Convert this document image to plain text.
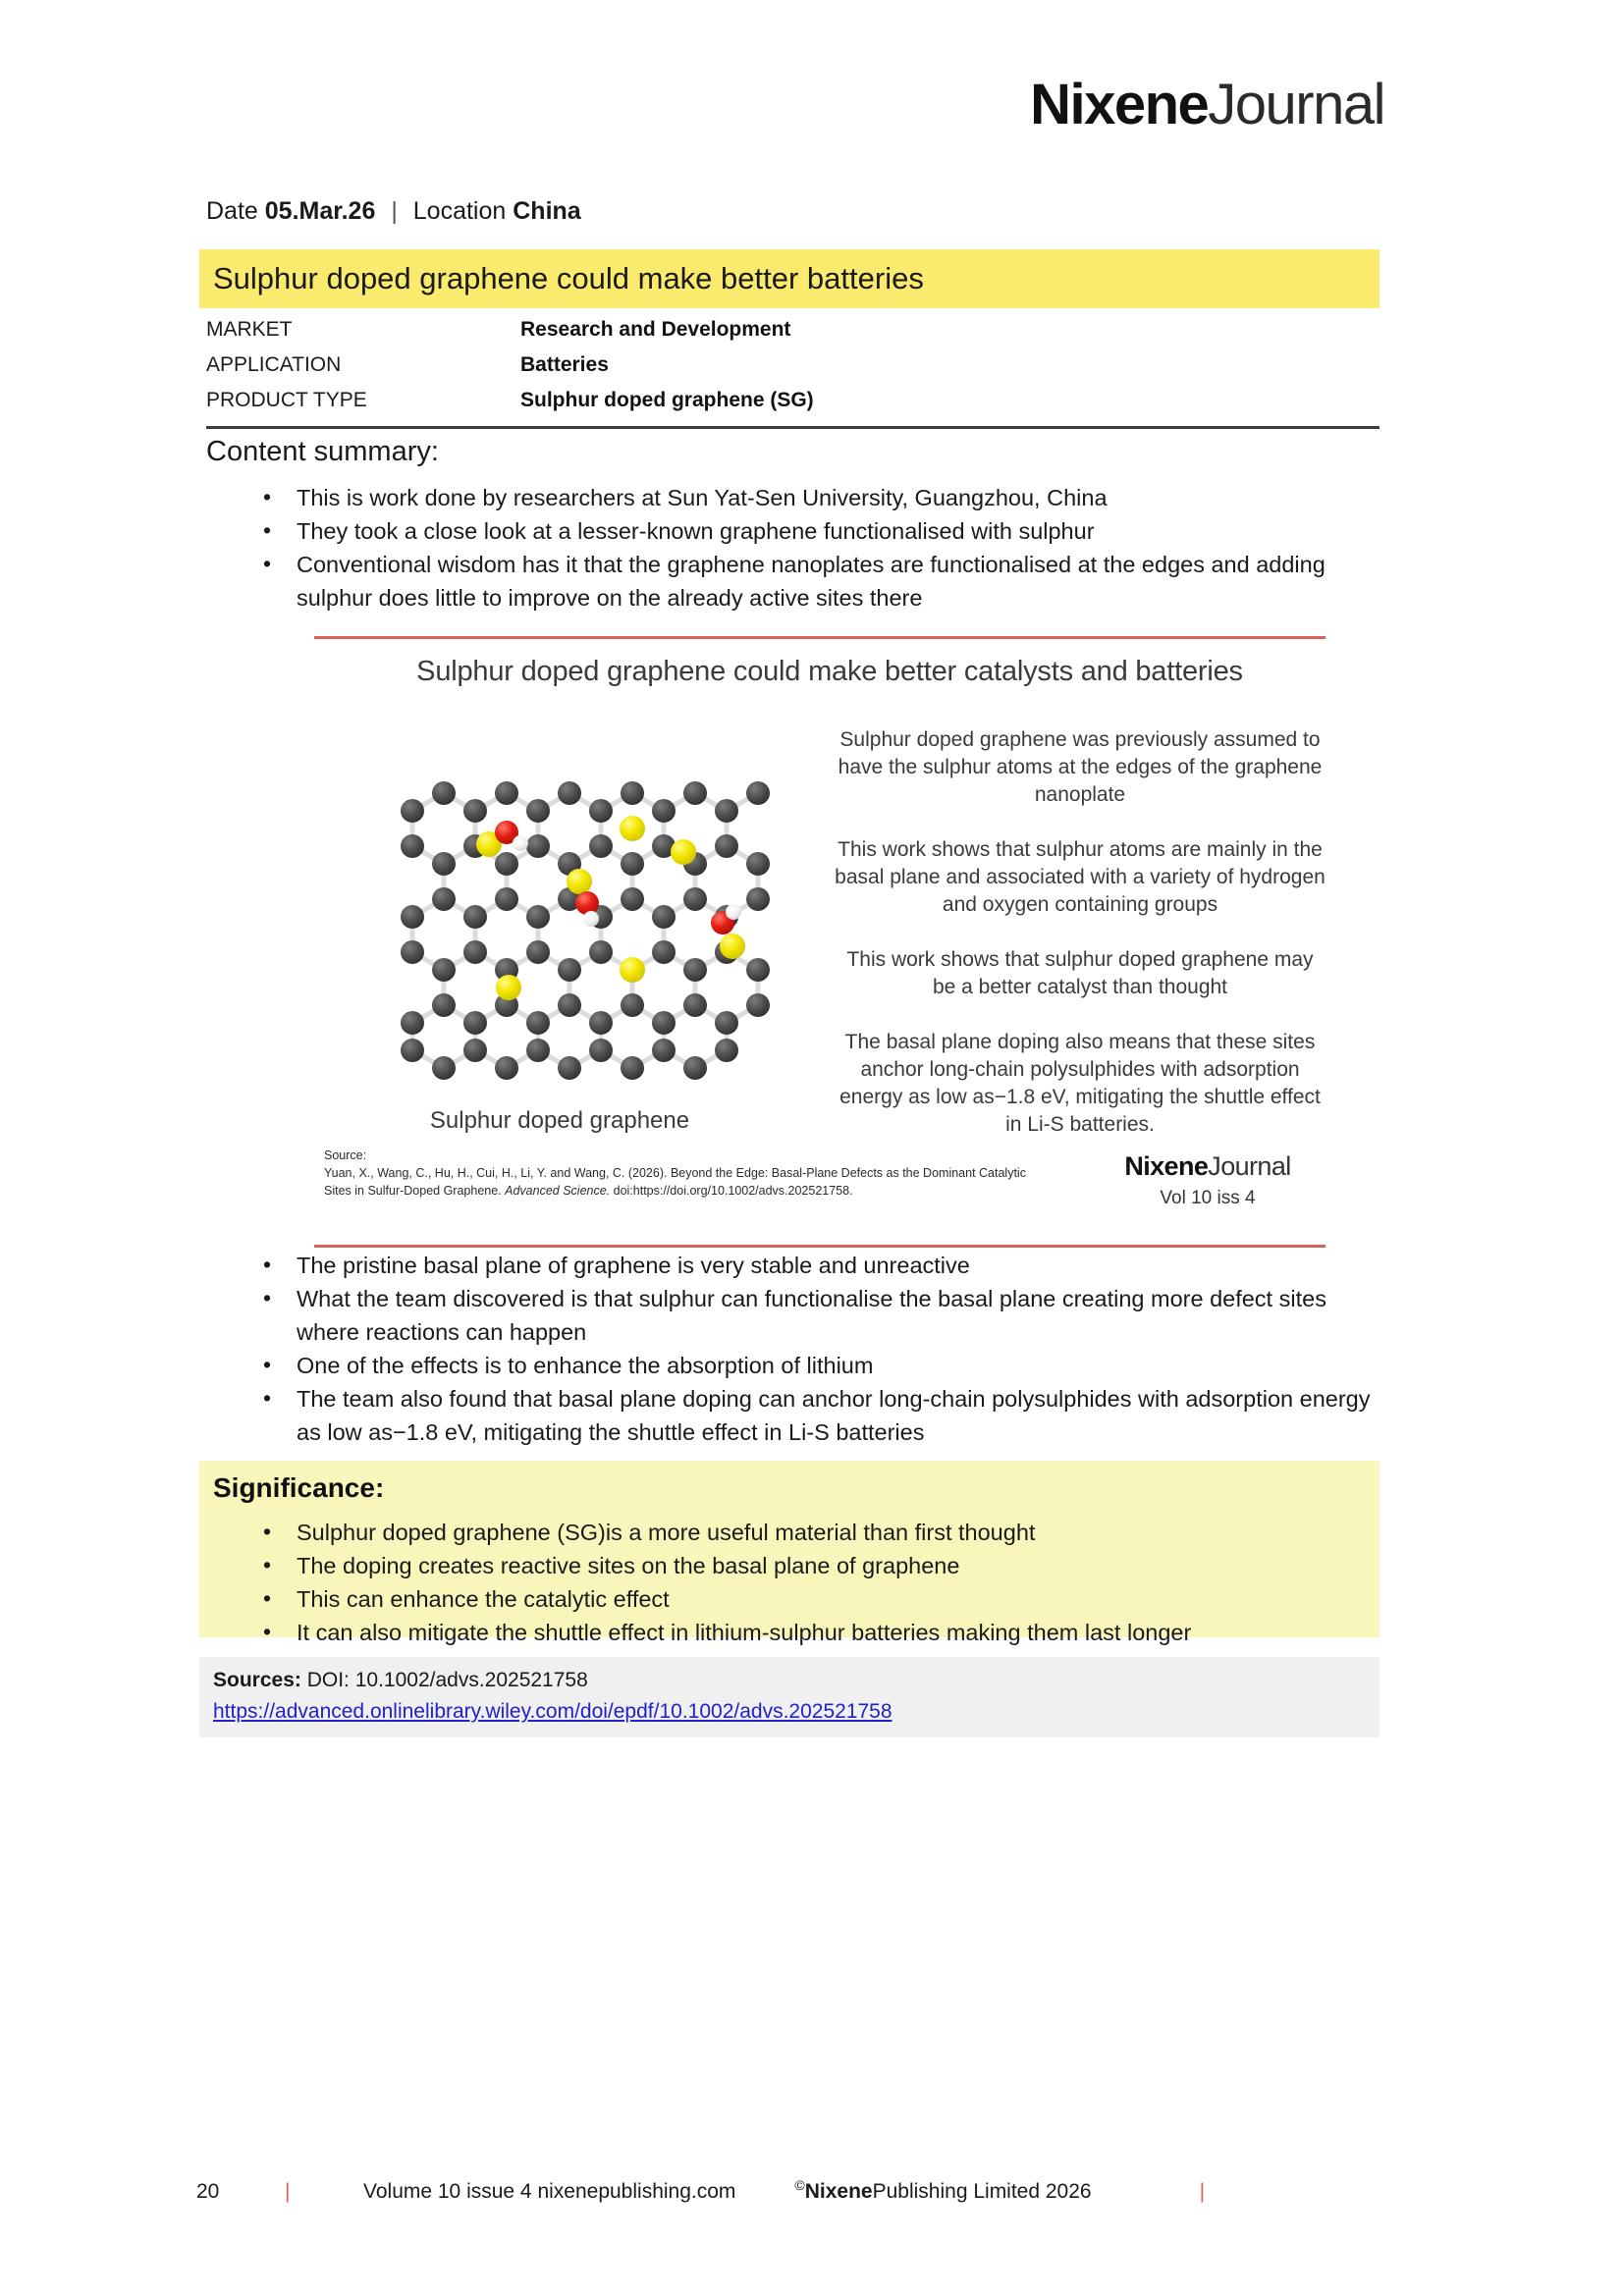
NixeneJournal
Date 05.Mar.26 | Location China
Sulphur doped graphene could make better batteries
MARKET	Research and Development
APPLICATION	Batteries
PRODUCT TYPE	Sulphur doped graphene (SG)
Content summary:
• This is work done by researchers at Sun Yat-Sen University, Guangzhou, China
• They took a close look at a lesser-known graphene functionalised with sulphur
• Conventional wisdom has it that the graphene nanoplates are functionalised at the edges and adding sulphur does little to improve on the already active sites there
Sulphur doped graphene could make better catalysts and batteries
Sulphur doped graphene
Sulphur doped graphene was previously assumed to have the sulphur atoms at the edges of the graphene nanoplate
This work shows that sulphur atoms are mainly in the basal plane and associated with a variety of hydrogen and oxygen containing groups
This work shows that sulphur doped graphene may be a better catalyst than thought
The basal plane doping also means that these sites anchor long-chain polysulphides with adsorption energy as low as−1.8 eV, mitigating the shuttle effect in Li-S batteries.
Source:
Yuan, X., Wang, C., Hu, H., Cui, H., Li, Y. and Wang, C. (2026). Beyond the Edge: Basal-Plane Defects as the Dominant Catalytic
Sites in Sulfur-Doped Graphene. Advanced Science. doi:https://doi.org/10.1002/advs.202521758.
NixeneJournal
Vol 10 iss 4
• The pristine basal plane of graphene is very stable and unreactive
• What the team discovered is that sulphur can functionalise the basal plane creating more defect sites where reactions can happen
• One of the effects is to enhance the absorption of lithium
• The team also found that basal plane doping can anchor long-chain polysulphides with adsorption energy as low as−1.8 eV, mitigating the shuttle effect in Li-S batteries
Significance:
• Sulphur doped graphene (SG)is a more useful material than first thought
• The doping creates reactive sites on the basal plane of graphene
• This can enhance the catalytic effect
• It can also mitigate the shuttle effect in lithium-sulphur batteries making them last longer
Sources: DOI: 10.1002/advs.202521758
https://advanced.onlinelibrary.wiley.com/doi/epdf/10.1002/advs.202521758
20	|	Volume 10 issue 4 nixenepublishing.com	©NixenePublishing Limited 2026	|
